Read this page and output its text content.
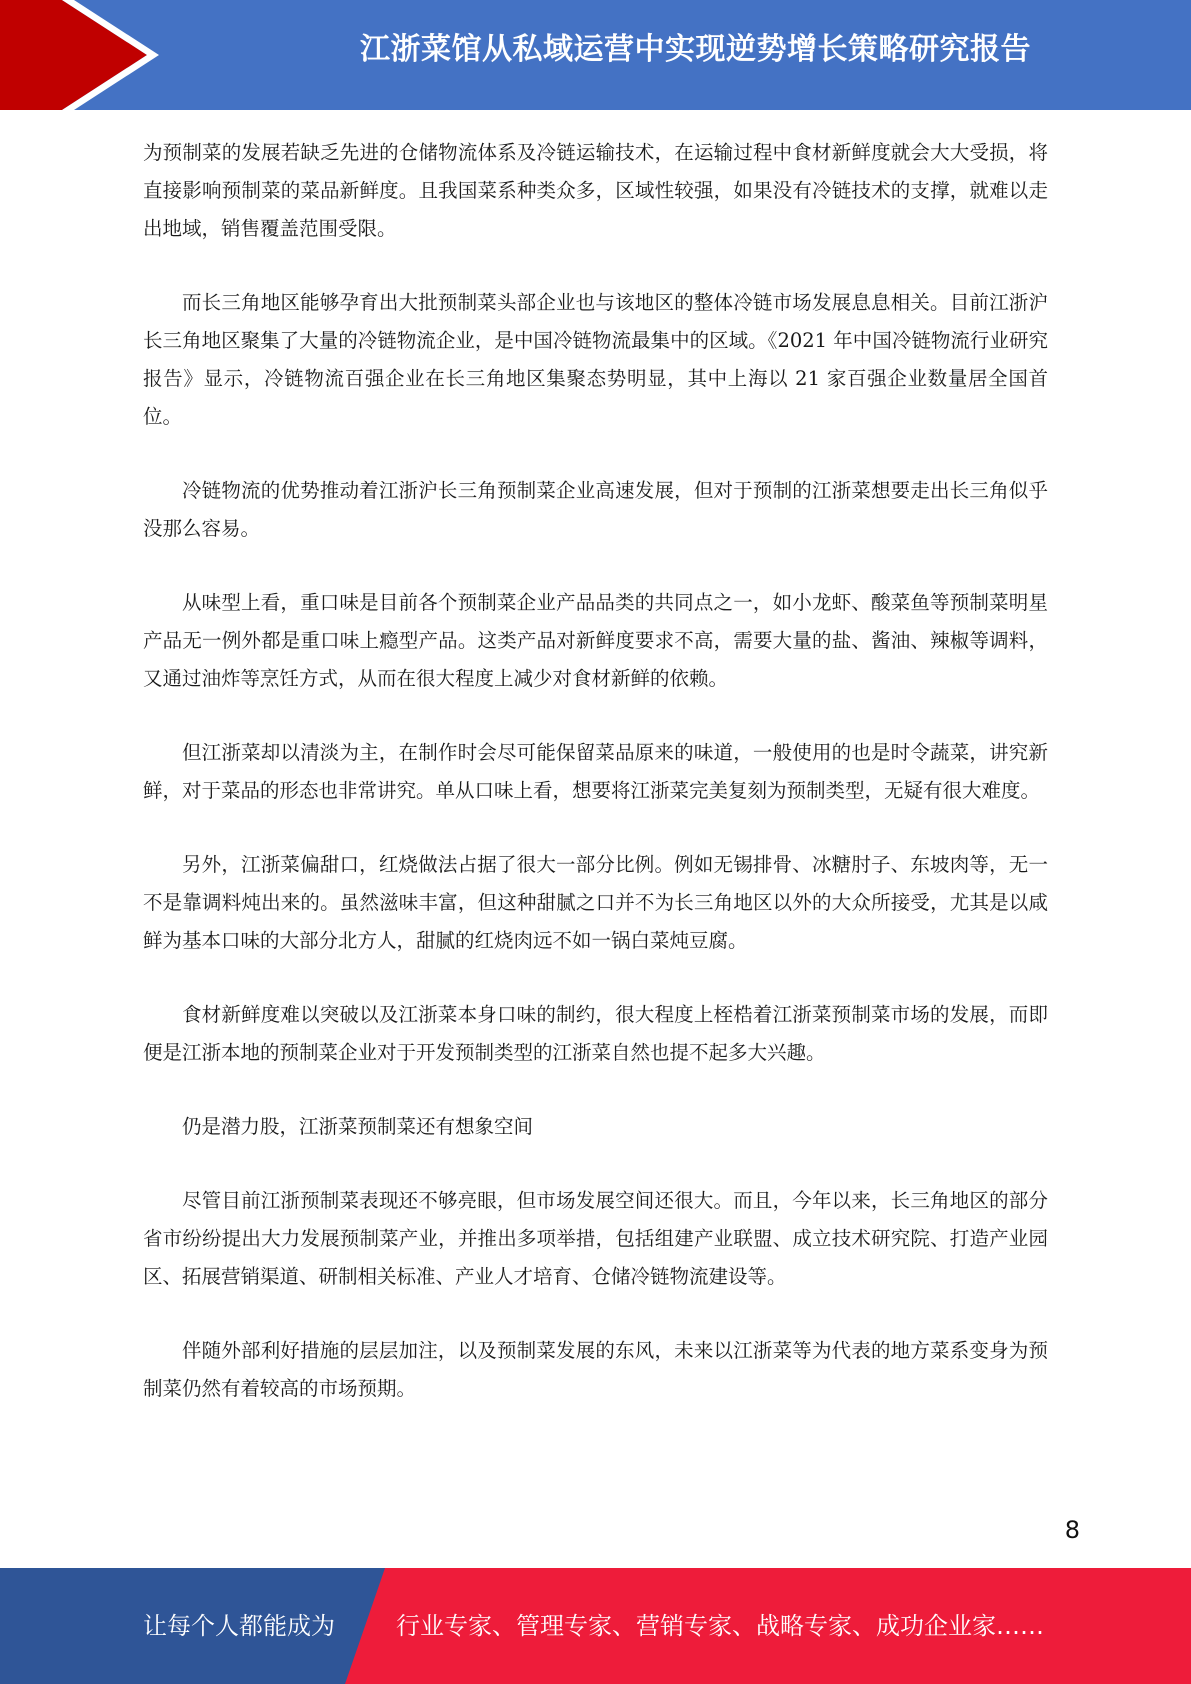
江浙菜馆从私域运营中实现逆势增长策略研究报告

为预制菜的发展若缺乏先进的仓储物流体系及冷链运输技术，在运输过程中食材新鲜度就会大大受损，将直接影响预制菜的菜品新鲜度。且我国菜系种类众多，区域性较强，如果没有冷链技术的支撑，就难以走出地域，销售覆盖范围受限。

而长三角地区能够孕育出大批预制菜头部企业也与该地区的整体冷链市场发展息息相关。目前江浙沪长三角地区聚集了大量的冷链物流企业，是中国冷链物流最集中的区域。《2021 年中国冷链物流行业研究报告》显示，冷链物流百强企业在长三角地区集聚态势明显，其中上海以 21 家百强企业数量居全国首位。

冷链物流的优势推动着江浙沪长三角预制菜企业高速发展，但对于预制的江浙菜想要走出长三角似乎没那么容易。

从味型上看，重口味是目前各个预制菜企业产品品类的共同点之一，如小龙虾、酸菜鱼等预制菜明星产品无一例外都是重口味上瘾型产品。这类产品对新鲜度要求不高，需要大量的盐、酱油、辣椒等调料，又通过油炸等烹饪方式，从而在很大程度上减少对食材新鲜的依赖。

但江浙菜却以清淡为主，在制作时会尽可能保留菜品原来的味道，一般使用的也是时令蔬菜，讲究新鲜，对于菜品的形态也非常讲究。单从口味上看，想要将江浙菜完美复刻为预制类型，无疑有很大难度。

另外，江浙菜偏甜口，红烧做法占据了很大一部分比例。例如无锡排骨、冰糖肘子、东坡肉等，无一不是靠调料炖出来的。虽然滋味丰富，但这种甜腻之口并不为长三角地区以外的大众所接受，尤其是以咸鲜为基本口味的大部分北方人，甜腻的红烧肉远不如一锅白菜炖豆腐。

食材新鲜度难以突破以及江浙菜本身口味的制约，很大程度上桎梏着江浙菜预制菜市场的发展，而即便是江浙本地的预制菜企业对于开发预制类型的江浙菜自然也提不起多大兴趣。

仍是潜力股，江浙菜预制菜还有想象空间

尽管目前江浙预制菜表现还不够亮眼，但市场发展空间还很大。而且，今年以来，长三角地区的部分省市纷纷提出大力发展预制菜产业，并推出多项举措，包括组建产业联盟、成立技术研究院、打造产业园区、拓展营销渠道、研制相关标准、产业人才培育、仓储冷链物流建设等。

伴随外部利好措施的层层加注，以及预制菜发展的东风，未来以江浙菜等为代表的地方菜系变身为预制菜仍然有着较高的市场预期。

8
让每个人都能成为	行业专家、管理专家、营销专家、战略专家、成功企业家……
